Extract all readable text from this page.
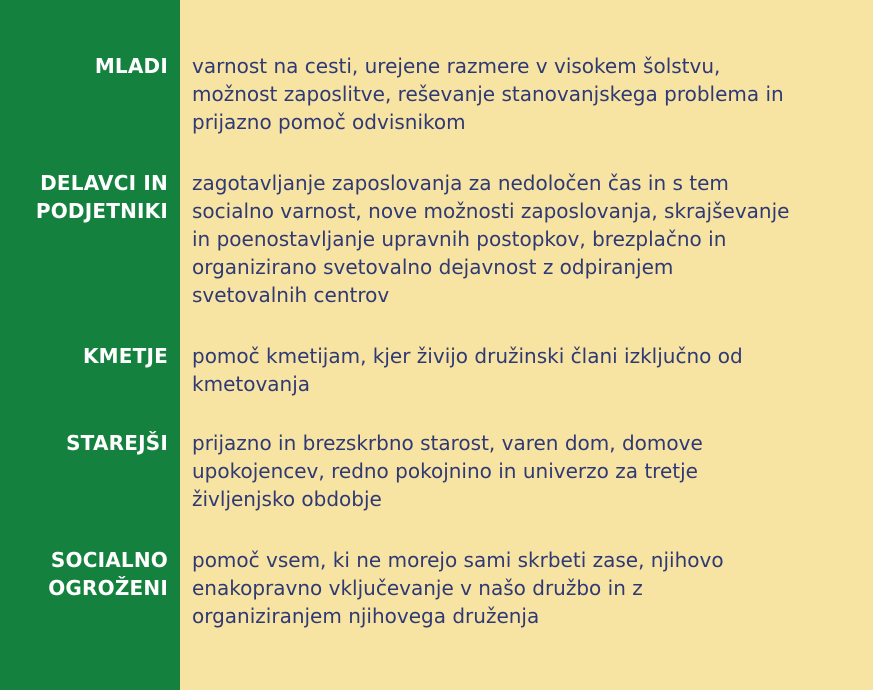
MLADI varnost na cesti, urejene razmere v visokem šolstvu,
možnost zaposlitve, reševanje stanovanjskega problema in
prijazno pomoč odvisnikom
DELAVCI IN
PODJETNIKI
zagotavljanje zaposlovanja za nedoločen čas in s tem
socialno varnost, nove možnosti zaposlovanja, skrajševanje
in poenostavljanje upravnih postopkov, brezplačno in
organizirano svetovalno dejavnost z odpiranjem
svetovalnih centrov
KMETJE pomoč kmetijam, kjer živijo družinski člani izključno od
kmetovanja
STAREJŠI prijazno in brezskrbno starost, varen dom, domove
upokojencev, redno pokojnino in univerzo za tretje
življenjsko obdobje
SOCIALNO
OGROŽENI
pomoč vsem, ki ne morejo sami skrbeti zase, njihovo
enakopravno vključevanje v našo družbo in z
organiziranjem njihovega druženja
